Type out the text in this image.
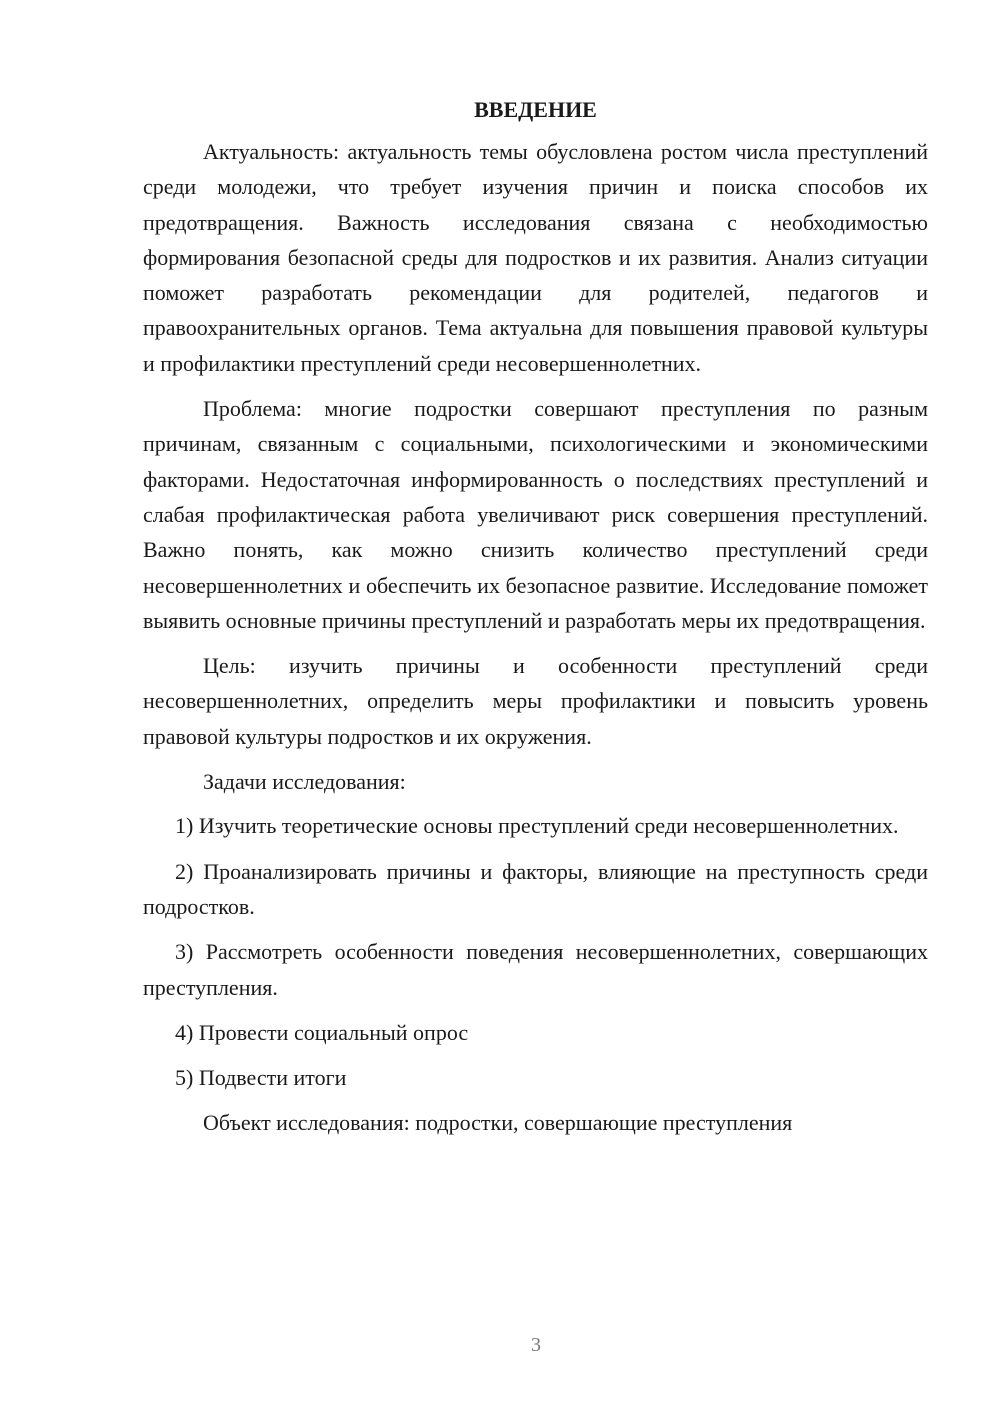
ВВЕДЕНИЕ

Актуальность: актуальность темы обусловлена ростом числа преступлений среди молодежи, что требует изучения причин и поиска способов их предотвращения. Важность исследования связана с необходимостью формирования безопасной среды для подростков и их развития. Анализ ситуации поможет разработать рекомендации для родителей, педагогов и правоохранительных органов. Тема актуальна для повышения правовой культуры и профилактики преступлений среди несовершеннолетних.

Проблема: многие подростки совершают преступления по разным причинам, связанным с социальными, психологическими и экономическими факторами. Недостаточная информированность о последствиях преступлений и слабая профилактическая работа увеличивают риск совершения преступлений. Важно понять, как можно снизить количество преступлений среди несовершеннолетних и обеспечить их безопасное развитие. Исследование поможет выявить основные причины преступлений и разработать меры их предотвращения.

Цель: изучить причины и особенности преступлений среди несовершеннолетних, определить меры профилактики и повысить уровень правовой культуры подростков и их окружения.

Задачи исследования:

1) Изучить теоретические основы преступлений среди несовершеннолетних.

2) Проанализировать причины и факторы, влияющие на преступность среди подростков.

3) Рассмотреть особенности поведения несовершеннолетних, совершающих преступления.

4) Провести социальный опрос

5) Подвести итоги

Объект исследования: подростки, совершающие преступления

3
